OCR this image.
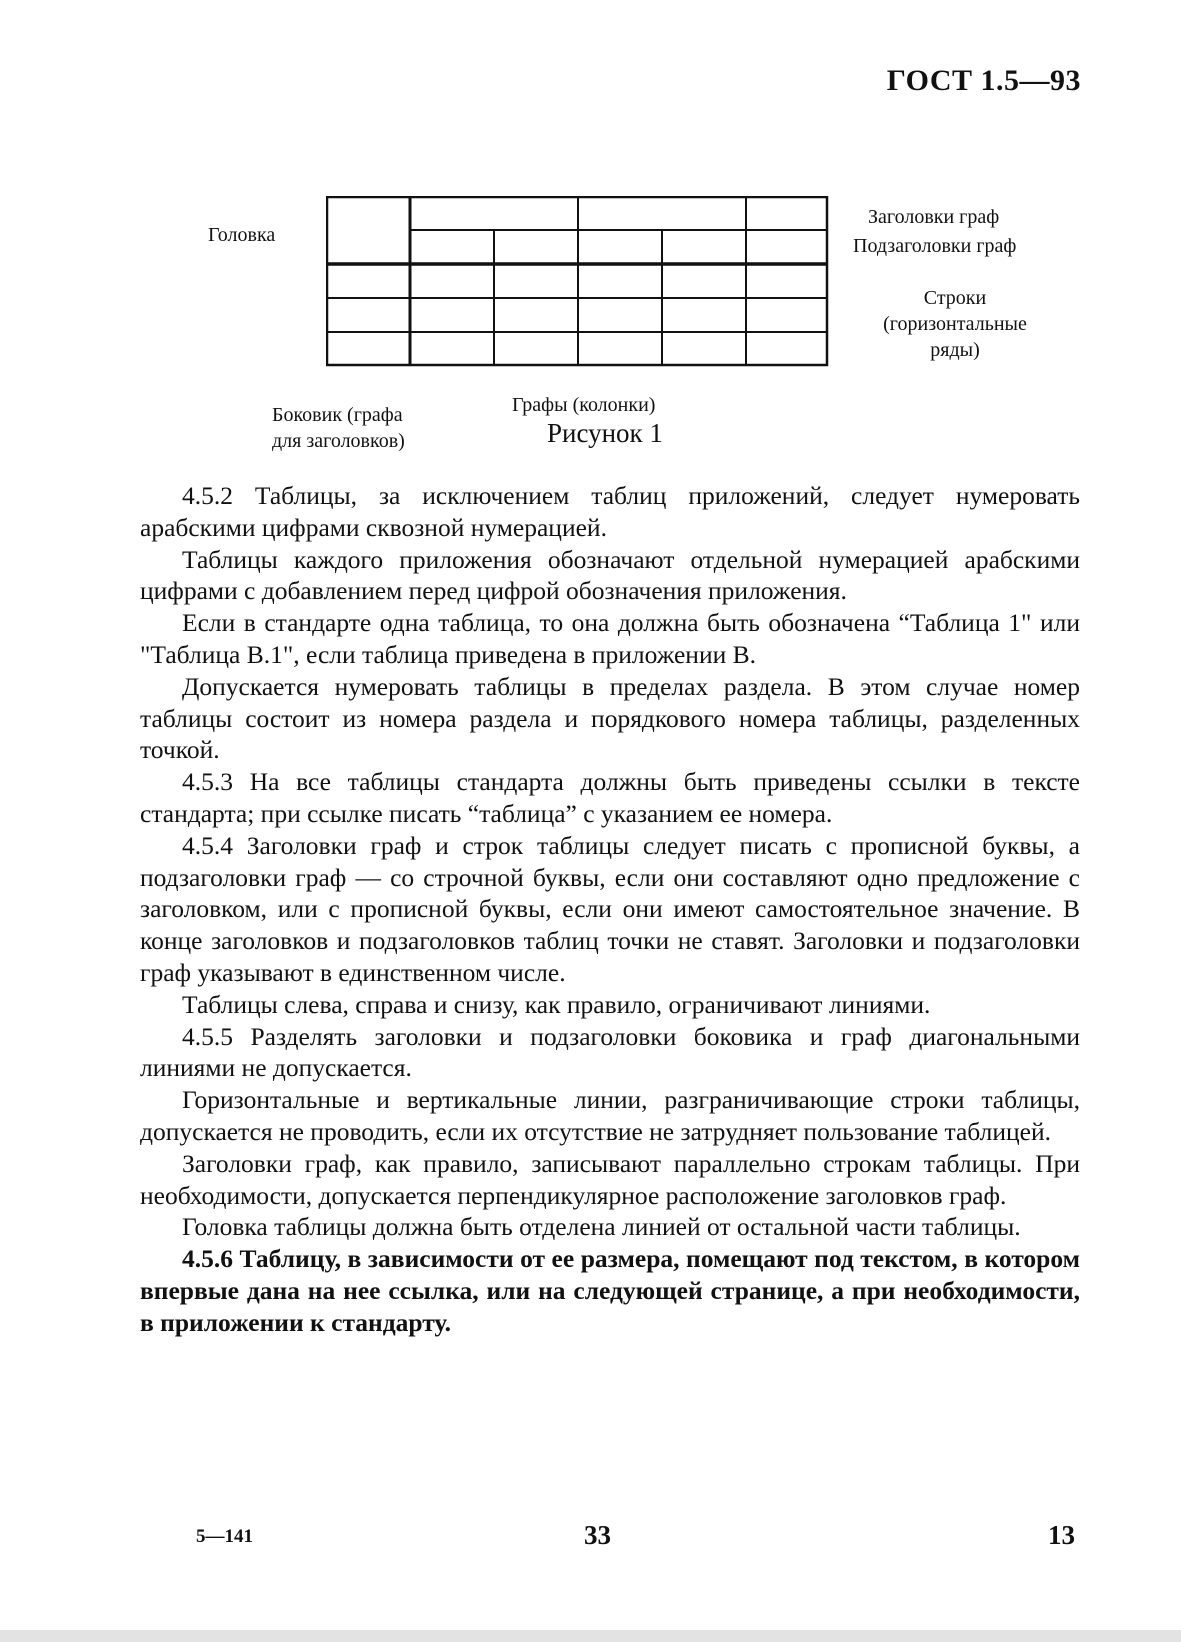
ГОСТ 1.5—93
Головка
Заголовки граф
Подзаголовки граф
Строки
(горизонтальные
ряды)
Боковик (графа
для заголовков)
Графы (колонки)
Рисунок 1

4.5.2 Таблицы, за исключением таблиц приложений, следует нумеровать арабскими цифрами сквозной нумерацией.

Таблицы каждого приложения обозначают отдельной нумерацией арабскими цифрами с добавлением перед цифрой обозначения приложения.

Если в стандарте одна таблица, то она должна быть обозначена “Таблица 1" или "Таблица В.1", если таблица приведена в приложении В.

Допускается нумеровать таблицы в пределах раздела. В этом случае номер таблицы состоит из номера раздела и порядкового номера таблицы, разделенных точкой.

4.5.3 На все таблицы стандарта должны быть приведены ссылки в тексте стандарта; при ссылке писать “таблица” с указанием ее номера.

4.5.4 Заголовки граф и строк таблицы следует писать с прописной буквы, а подзаголовки граф — со строчной буквы, если они составляют одно предложение с заголовком, или с прописной буквы, если они имеют самостоятельное значение. В конце заголовков и подзаголовков таблиц точки не ставят. Заголовки и подзаголовки граф указывают в единственном числе.

Таблицы слева, справа и снизу, как правило, ограничивают линиями.

4.5.5 Разделять заголовки и подзаголовки боковика и граф диагональными линиями не допускается.

Горизонтальные и вертикальные линии, разграничивающие строки таблицы, допускается не проводить, если их отсутствие не затрудняет пользование таблицей.

Заголовки граф, как правило, записывают параллельно строкам таблицы. При необходимости, допускается перпендикулярное расположение заголовков граф.

Головка таблицы должна быть отделена линией от остальной части таблицы.

4.5.6 Таблицу, в зависимости от ее размера, помещают под текстом, в котором впервые дана на нее ссылка, или на следующей странице, а при необходимости, в приложении к стандарту.

5—141	33	13
